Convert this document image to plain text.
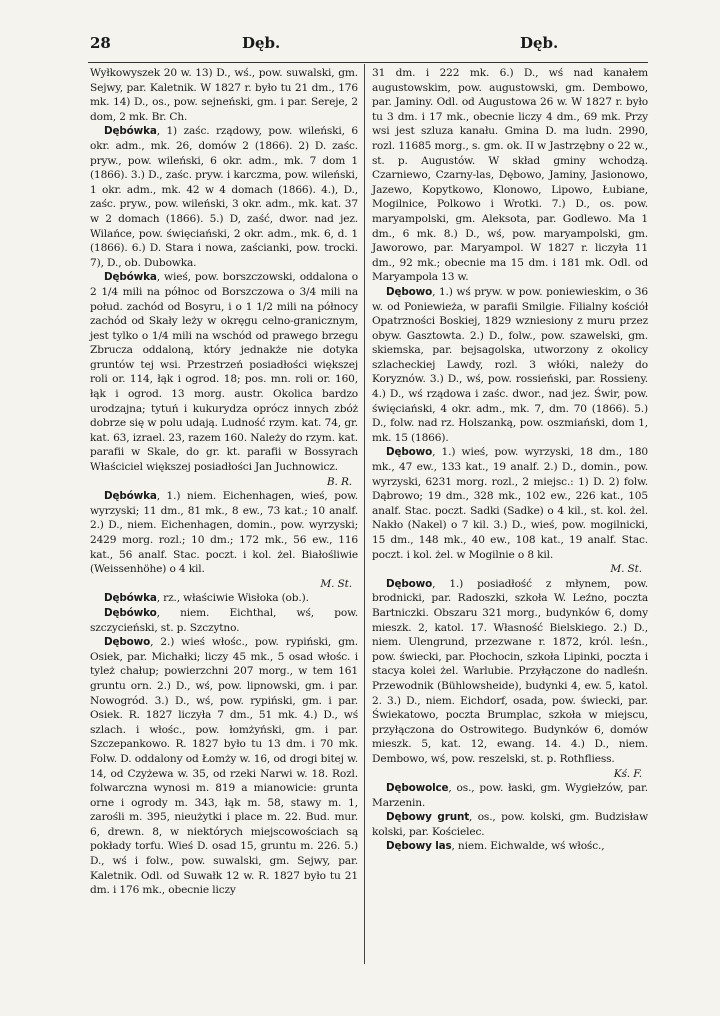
28	Dęb.	Dęb.

Wyłkowyszek 20 w. 13) D., wś., pow. suwalski, gm. Sejwy, par. Kaletnik. W 1827 r. było tu 21 dm., 176 mk. 14) D., os., pow. sejneński, gm. i par. Sereje, 2 dom, 2 mk. Br. Ch.

Dębówka, 1) zaśc. rządowy, pow. wileński, 6 okr. adm., mk. 26, domów 2 (1866). 2) D. zaśc. pryw., pow. wileński, 6 okr. adm., mk. 7 dom 1 (1866). 3.) D., zaśc. pryw. i karczma, pow. wileński, 1 okr. adm., mk. 42 w 4 domach (1866). 4.), D., zaśc. pryw., pow. wileński, 3 okr. adm., mk. kat. 37 w 2 domach (1866). 5.) D, zaść, dwor. nad jez. Wilańce, pow. święciański, 2 okr. adm., mk. 6, d. 1 (1866). 6.) D. Stara i nowa, zaścianki, pow. trocki. 7), D., ob. Dubowka.

Dębówka, wieś, pow. borszczowski, oddalona o 2 1/4 mili na północ od Borszczowa o 3/4 mili na połud. zachód od Bosyru, i o 1 1/2 mili na północy zachód od Skały leży w okręgu celno-granicznym, jest tylko o 1/4 mili na wschód od prawego brzegu Zbrucza oddaloną, który jednakże nie dotyka gruntów tej wsi. Przestrzeń posiadłości większej roli or. 114, łąk i ogrod. 18; pos. mn. roli or. 160, łąk i ogrod. 13 morg. austr. Okolica bardzo urodzajna; tytuń i kukurydza oprócz innych zbóż dobrze się w polu udają. Ludność rzym. kat. 74, gr. kat. 63, izrael. 23, razem 160. Należy do rzym. kat. parafii w Skale, do gr. kt. parafii w Bossyrach Właściciel większej posiadłości Jan Juchnowicz.
B. R.

Dębówka, 1.) niem. Eichenhagen, wieś, pow. wyrzyski; 11 dm., 81 mk., 8 ew., 73 kat.; 10 analf. 2.) D., niem. Eichenhagen, domin., pow. wyrzyski; 2429 morg. rozl.; 10 dm.; 172 mk., 56 ew., 116 kat., 56 analf. Stac. poczt. i kol. żel. Białośliwie (Weissenhöhe) o 4 kil.
M. St.

Dębówka, rz., właściwie Wisłoka (ob.).

Dębówko, niem. Eichthal, wś, pow. szczycieński, st. p. Szczytno.

Dębowo, 2.) wieś włośc., pow. rypiński, gm. Osiek, par. Michałki; liczy 45 mk., 5 osad włośc. i tyleż chałup; powierzchni 207 morg., w tem 161 gruntu orn. 2.) D., wś, pow. lipnowski, gm. i par. Nowogród. 3.) D., wś, pow. rypiński, gm. i par. Osiek. R. 1827 liczyła 7 dm., 51 mk. 4.) D., wś szlach. i włośc., pow. łomżyński, gm. i par. Szczepankowo. R. 1827 było tu 13 dm. i 70 mk. Folw. D. oddalony od Łomży w. 16, od drogi bitej w. 14, od Czyżewa w. 35, od rzeki Narwi w. 18. Rozl. folwarczna wynosi m. 819 a mianowicie: grunta orne i ogrody m. 343, łąk m. 58, stawy m. 1, zarośli m. 395, nieużytki i place m. 22. Bud. mur. 6, drewn. 8, w niektórych miejscowościach są pokłady torfu. Wieś D. osad 15, gruntu m. 226. 5.) D., wś i folw., pow. suwalski, gm. Sejwy, par. Kaletnik. Odl. od Suwałk 12 w. R. 1827 było tu 21 dm. i 176 mk., obecnie liczy

31 dm. i 222 mk. 6.) D., wś nad kanałem augustowskim, pow. augustowski, gm. Dembowo, par. Jaminy. Odl. od Augustowa 26 w. W 1827 r. było tu 3 dm. i 17 mk., obecnie liczy 4 dm., 69 mk. Przy wsi jest szluza kanału. Gmina D. ma ludn. 2990, rozl. 11685 morg., s. gm. ok. II w Jastrzębny o 22 w., st. p. Augustów. W skład gminy wchodzą. Czarniewo, Czarny-las, Dębowo, Jaminy, Jasionowo, Jazewo, Kopytkowo, Klonowo, Lipowo, Łubiane, Mogilnice, Polkowo i Wrotki. 7.) D., os. pow. maryampolski, gm. Aleksota, par. Godlewo. Ma 1 dm., 6 mk. 8.) D., wś, pow. maryampolski, gm. Jaworowo, par. Maryampol. W 1827 r. liczyła 11 dm., 92 mk.; obecnie ma 15 dm. i 181 mk. Odl. od Maryampola 13 w.

Dębowo, 1.) wś pryw. w pow. poniewieskim, o 36 w. od Poniewieża, w parafii Smilgie. Filialny kościół Opatrzności Boskiej, 1829 wzniesiony z muru przez obyw. Gasztowta. 2.) D., folw., pow. szawelski, gm. skiemska, par. bejsagolska, utworzony z okolicy szlacheckiej Lawdy, rozl. 3 włóki, należy do Koryznów. 3.) D., wś, pow. rossieński, par. Rossieny. 4.) D., wś rządowa i zaśc. dwor., nad jez. Świr, pow. święciański, 4 okr. adm., mk. 7, dm. 70 (1866). 5.) D., folw. nad rz. Holszanką, pow. oszmiański, dom 1, mk. 15 (1866).

Dębowo, 1.) wieś, pow. wyrzyski, 18 dm., 180 mk., 47 ew., 133 kat., 19 analf. 2.) D., domin., pow. wyrzyski, 6231 morg. rozl., 2 miejsc.: 1) D. 2) folw. Dąbrowo; 19 dm., 328 mk., 102 ew., 226 kat., 105 analf. Stac. poczt. Sadki (Sadke) o 4 kil., st. kol. żel. Nakło (Nakel) o 7 kil. 3.) D., wieś, pow. mogilnicki, 15 dm., 148 mk., 40 ew., 108 kat., 19 analf. Stac. poczt. i kol. żel. w Mogilnie o 8 kil.
M. St.

Dębowo, 1.) posiadłość z młynem, pow. brodnicki, par. Radoszki, szkoła W. Leźno, poczta Bartniczki. Obszaru 321 morg., budynków 6, domy mieszk. 2, katol. 17. Własność Bielskiego. 2.) D., niem. Ulengrund, przezwane r. 1872, król. leśn., pow. świecki, par. Płochocin, szkoła Lipinki, poczta i stacya kolei żel. Warlubie. Przyłączone do nadleśn. Przewodnik (Bühlowsheide), budynki 4, ew. 5, katol. 2. 3.) D., niem. Eichdorf, osada, pow. świecki, par. Świekatowo, poczta Brumplac, szkoła w miejscu, przyłączona do Ostrowitego. Budynków 6, domów mieszk. 5, kat. 12, ewang. 14. 4.) D., niem. Dembowo, wś, pow. reszelski, st. p. Rothfliess.
Kś. F.

Dębowolce, os., pow. łaski, gm. Wygiełzów, par. Marzenin.

Dębowy grunt, os., pow. kolski, gm. Budzisław kolski, par. Kościelec.

Dębowy las, niem. Eichwalde, wś włośc.,
